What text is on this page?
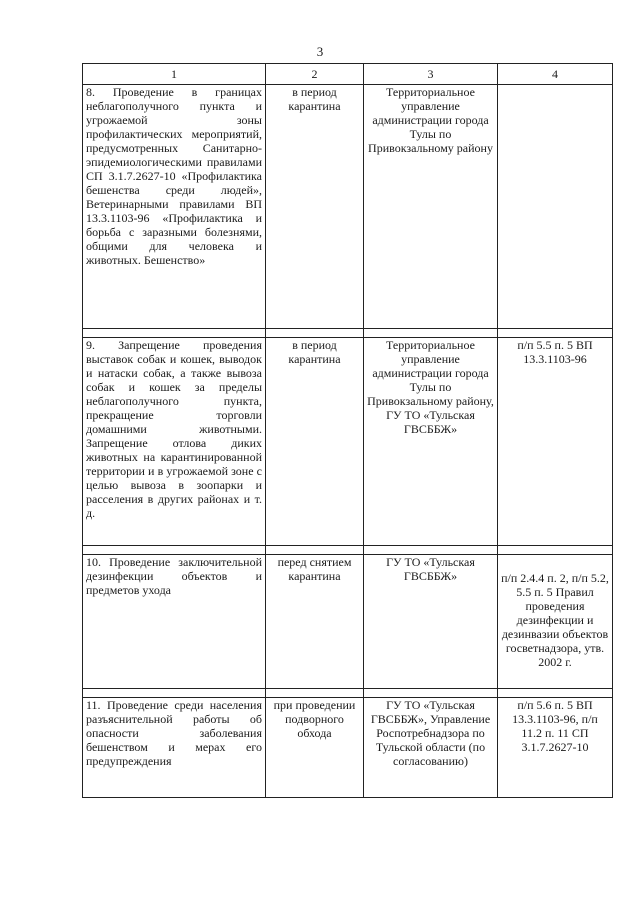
3
1	2	3	4
8. Проведение в границах неблагополучного пункта и угрожаемой зоны профилактических мероприятий, предусмотренных Санитарно-эпидемиологическими правилами СП 3.1.7.2627-10 «Профилактика бешенства среди людей», Ветеринарными правилами ВП 13.3.1103-96 «Профилактика и борьба с заразными болезнями, общими для человека и животных. Бешенство»	в период карантина	Территориальное управление администрации города Тулы по Привокзальному району	

9. Запрещение проведения выставок собак и кошек, выводок и натаски собак, а также вывоза собак и кошек за пределы неблагополучного пункта, прекращение торговли домашними животными. Запрещение отлова диких животных на карантинированной территории и в угрожаемой зоне с целью вывоза в зоопарки и расселения в других районах и т. д.	в период карантина	Территориальное управление администрации города Тулы по Привокзальному району, ГУ ТО «Тульская ГВСББЖ»	п/п 5.5 п. 5 ВП 13.3.1103-96

10. Проведение заключительной дезинфекции объектов и предметов ухода	перед снятием карантина	ГУ ТО «Тульская ГВСББЖ»	п/п 2.4.4 п. 2, п/п 5.2, 5.5 п. 5 Правил проведения дезинфекции и дезинвазии объектов госветнадзора, утв. 2002 г.

11. Проведение среди населения разъяснительной работы об опасности заболевания бешенством и мерах его предупреждения	при проведении подворного обхода	ГУ ТО «Тульская ГВСББЖ», Управление Роспотребнадзора по Тульской области (по согласованию)	п/п 5.6 п. 5 ВП 13.3.1103-96, п/п 11.2 п. 11 СП 3.1.7.2627-10
